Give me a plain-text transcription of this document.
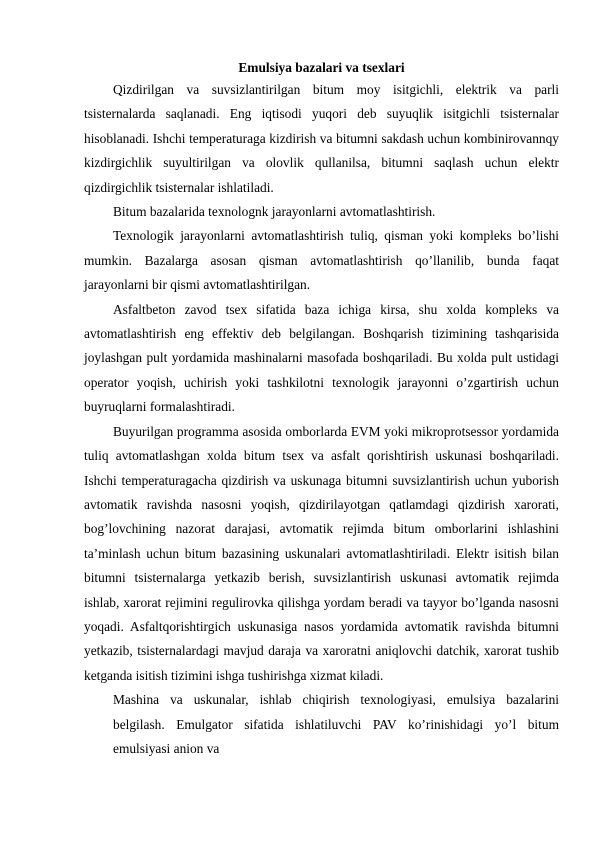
Emulsiya bazalari va tsexlari

Qizdirilgan va suvsizlantirilgan bitum moy isitgichli, elektrik va parli tsisternalarda saqlanadi. Eng iqtisodi yuqori deb suyuqlik isitgichli tsisternalar hisoblanadi. Ishchi temperaturaga kizdirish va bitumni sakdash uchun kombinirovannqy kizdirgichlik suyultirilgan va olovlik qullanilsa, bitumni saqlash uchun elektr qizdirgichlik tsisternalar ishlatiladi.

Bitum bazalarida texnolognk jarayonlarni avtomatlashtirish.

Texnologik jarayonlarni avtomatlashtirish tuliq, qisman yoki kompleks bo’lishi mumkin. Bazalarga asosan qisman avtomatlashtirish qo’llanilib, bunda faqat jarayonlarni bir qismi avtomatlashtirilgan.

Asfaltbeton zavod tsex sifatida baza ichiga kirsa, shu xolda kompleks va avtomatlashtirish eng effektiv deb belgilangan. Boshqarish tizimining tashqarisida joylashgan pult yordamida mashinalarni masofada boshqariladi. Bu xolda pult ustidagi operator yoqish, uchirish yoki tashkilotni texnologik jarayonni o’zgartirish uchun buyruqlarni formalashtiradi.

Buyurilgan programma asosida omborlarda EVM yoki mikroprotsessor yordamida tuliq avtomatlashgan xolda bitum tsex va asfalt qorishtirish uskunasi boshqariladi. Ishchi temperaturagacha qizdirish va uskunaga bitumni suvsizlantirish uchun yuborish avtomatik ravishda nasosni yoqish, qizdirilayotgan qatlamdagi qizdirish xarorati, bog’lovchining nazorat darajasi, avtomatik rejimda bitum omborlarini ishlashini ta’minlash uchun bitum bazasining uskunalari avtomatlashtiriladi. Elektr isitish bilan bitumni tsisternalarga yetkazib berish, suvsizlantirish uskunasi avtomatik rejimda ishlab, xarorat rejimini regulirovka qilishga yordam beradi va tayyor bo’lganda nasosni yoqadi. Asfaltqorishtirgich uskunasiga nasos yordamida avtomatik ravishda bitumni yetkazib, tsisternalardagi mavjud daraja va xaroratni aniqlovchi datchik, xarorat tushib ketganda isitish tizimini ishga tushirishga xizmat kiladi.

Mashina va uskunalar, ishlab chiqirish texnologiyasi, emulsiya bazalarini belgilash. Emulgator sifatida ishlatiluvchi PAV ko’rinishidagi yo’l bitum emulsiyasi anion va
